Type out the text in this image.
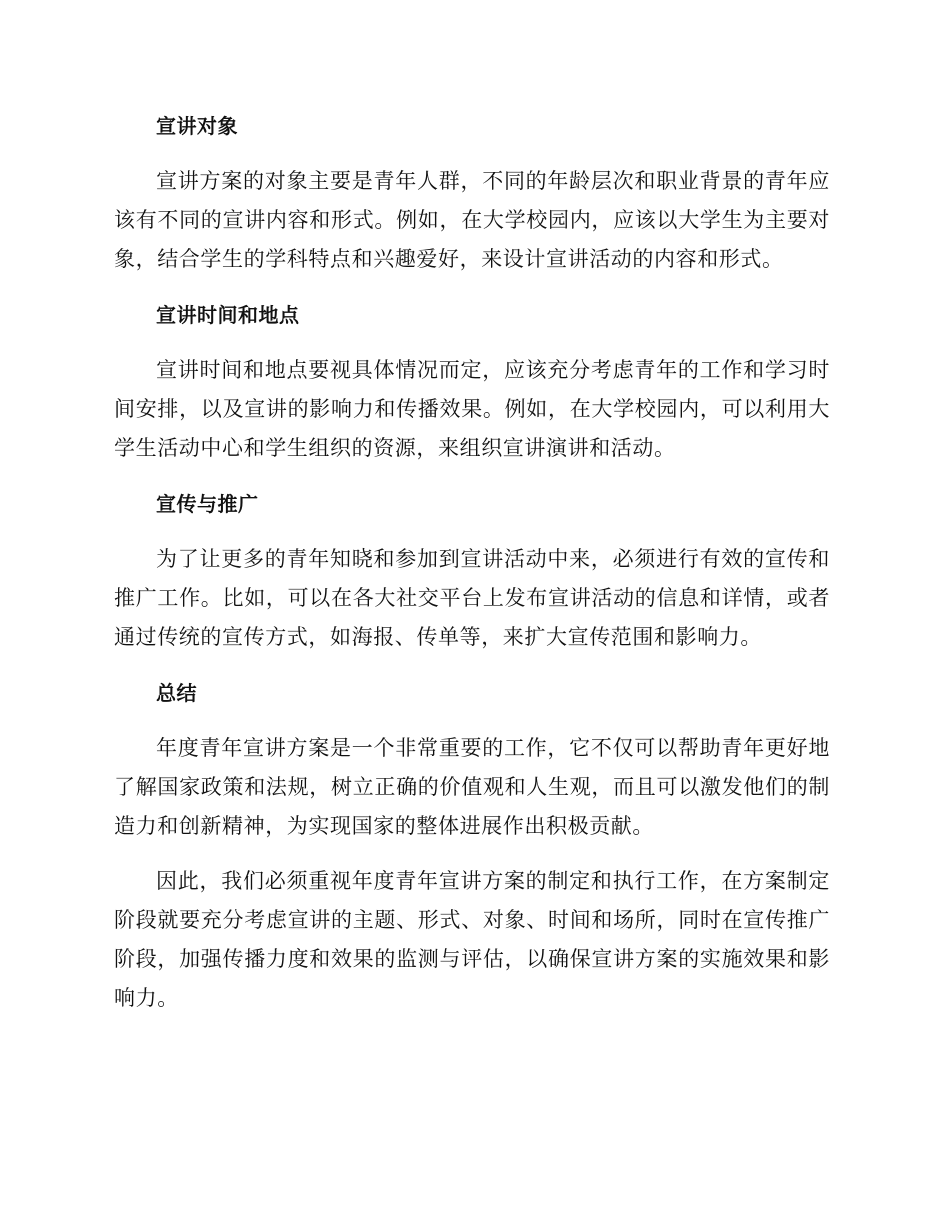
宣讲对象

宣讲方案的对象主要是青年人群，不同的年龄层次和职业背景的青年应该有不同的宣讲内容和形式。例如，在大学校园内，应该以大学生为主要对象，结合学生的学科特点和兴趣爱好，来设计宣讲活动的内容和形式。

宣讲时间和地点

宣讲时间和地点要视具体情况而定，应该充分考虑青年的工作和学习时间安排，以及宣讲的影响力和传播效果。例如，在大学校园内，可以利用大学生活动中心和学生组织的资源，来组织宣讲演讲和活动。

宣传与推广

为了让更多的青年知晓和参加到宣讲活动中来，必须进行有效的宣传和推广工作。比如，可以在各大社交平台上发布宣讲活动的信息和详情，或者通过传统的宣传方式，如海报、传单等，来扩大宣传范围和影响力。

总结

年度青年宣讲方案是一个非常重要的工作，它不仅可以帮助青年更好地了解国家政策和法规，树立正确的价值观和人生观，而且可以激发他们的制造力和创新精神，为实现国家的整体进展作出积极贡献。

因此，我们必须重视年度青年宣讲方案的制定和执行工作，在方案制定阶段就要充分考虑宣讲的主题、形式、对象、时间和场所，同时在宣传推广阶段，加强传播力度和效果的监测与评估，以确保宣讲方案的实施效果和影响力。
